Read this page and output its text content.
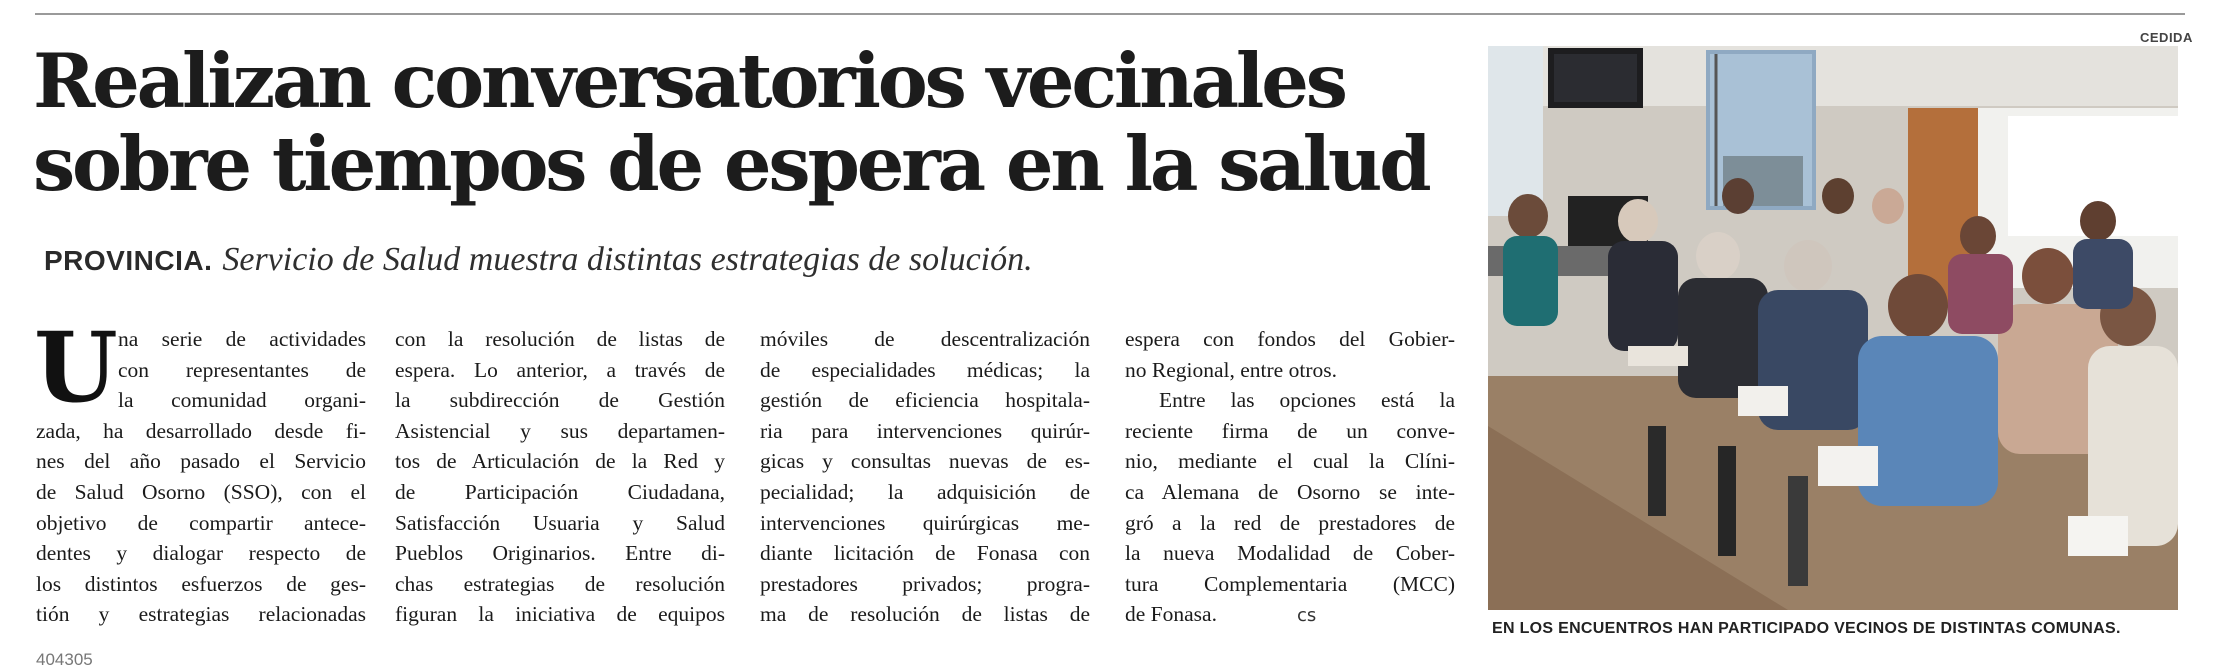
Realizan conversatorios vecinales
sobre tiempos de espera en la salud
PROVINCIA. Servicio de Salud muestra distintas estrategias de solución.
U na serie de actividades
con representantes de
la comunidad organi-
zada, ha desarrollado desde fi-
nes del año pasado el Servicio
de Salud Osorno (SSO), con el
objetivo de compartir antece-
dentes y dialogar respecto de
los distintos esfuerzos de ges-
tión y estrategias relacionadas
con la resolución de listas de
espera. Lo anterior, a través de
la subdirección de Gestión
Asistencial y sus departamen-
tos de Articulación de la Red y
de Participación Ciudadana,
Satisfacción Usuaria y Salud
Pueblos Originarios. Entre di-
chas estrategias de resolución
figuran la iniciativa de equipos
móviles de descentralización
de especialidades médicas; la
gestión de eficiencia hospitala-
ria para intervenciones quirúr-
gicas y consultas nuevas de es-
pecialidad; la adquisición de
intervenciones quirúrgicas me-
diante licitación de Fonasa con
prestadores privados; progra-
ma de resolución de listas de
espera con fondos del Gobier-
no Regional, entre otros.
Entre las opciones está la
reciente firma de un conve-
nio, mediante el cual la Clíni-
ca Alemana de Osorno se inte-
gró a la red de prestadores de
la nueva Modalidad de Cober-
tura Complementaria (MCC)
de Fonasa.	cs
CEDIDA
EN LOS ENCUENTROS HAN PARTICIPADO VECINOS DE DISTINTAS COMUNAS.
404305
